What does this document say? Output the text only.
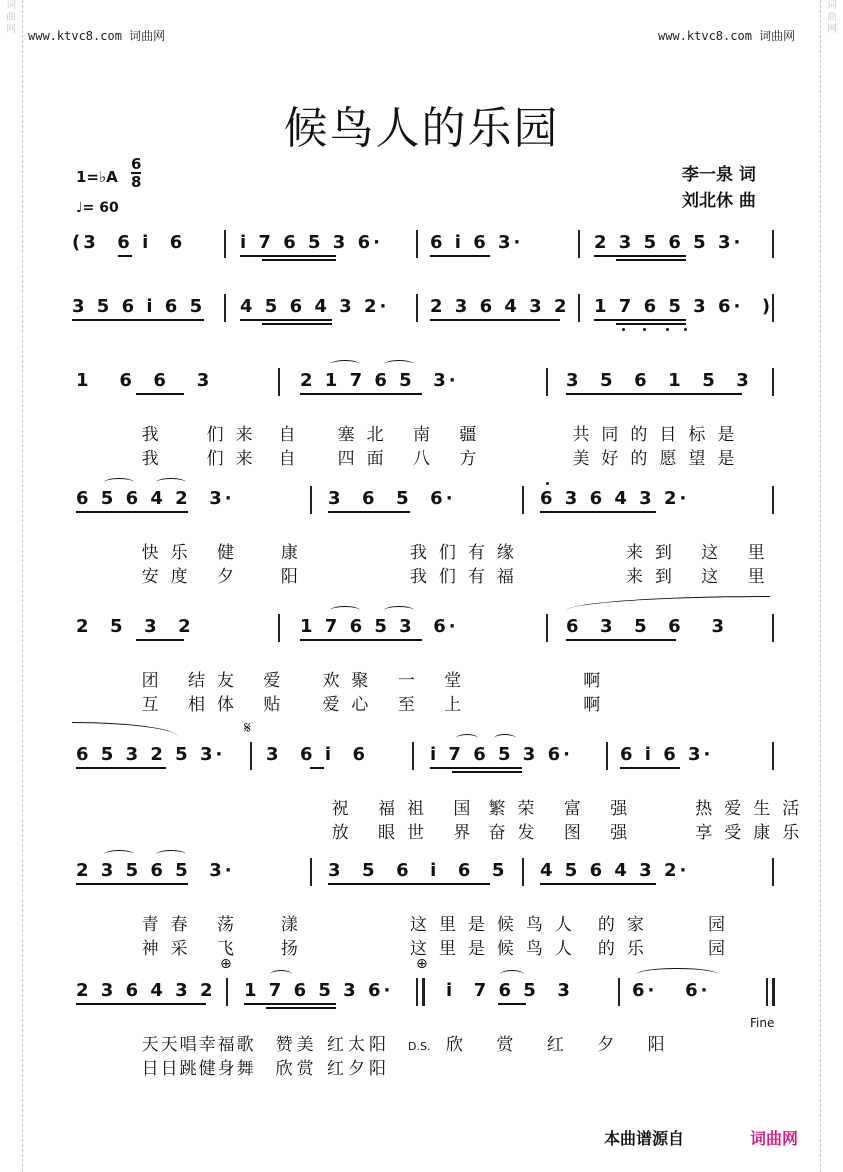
词
曲
网
词
曲
网
www.ktvc8.com 词曲网	www.ktvc8.com 词曲网
候鸟人的乐园
李一泉 词
刘北休 曲
1=♭A
6
8
♩= 60
(3  6 i  6	i 7 6 5 3 6·	6 i 6 3·	2 3 5 6 5 3·
3 5 6 i 6 5 4 5 6 4 3 2· 2 3 6 4 3 2 1 7 6 5 3 6·  )
1   6  6   3	2 1 7 6 5  3·	3  5  6  1  5  3

我 们来 自 塞北 南 疆	共同的目标是

我 们来 自 四面 八 方	美好的愿望是

6 5 6 4 2  3·	3  6  5  6·	6 3 6 4 3 2·

快乐 健  康	我们有缘	来到 这 里

安度 夕  阳	我们有福	来到 这 里

2  5  3  2	1 7 6 5 3  6·	6  3  5  6   3

团 结友 爱 欢聚 一 堂	啊

互 相体 贴 爱心 至 上	啊

𝄋
6 5 3 2 5 3· 3  6 i  6	i 7 6 5 3 6·	6 i 6 3·

祝 福祖 国 繁荣 富 强	热爱生活

放 眼世 界 奋发 图 强	享受康乐

2 3 5 6 5  3·	3  5  6  i  6  5 4 5 6 4 3 2·

青春 荡  漾	这里是候鸟人 的家   园

神采 飞  扬	这里是候鸟人 的乐   园

⊕	⊕
2 3 6 4 3 2 1 7 6 5 3 6·	i  7 6 5  3	6·   6·

天天唱幸福歌 赞美 红太阳	欣 赏 红 夕 阳

日日跳健身舞 欣赏 红夕阳

Fine
D.S.
本曲谱源自	词曲网
